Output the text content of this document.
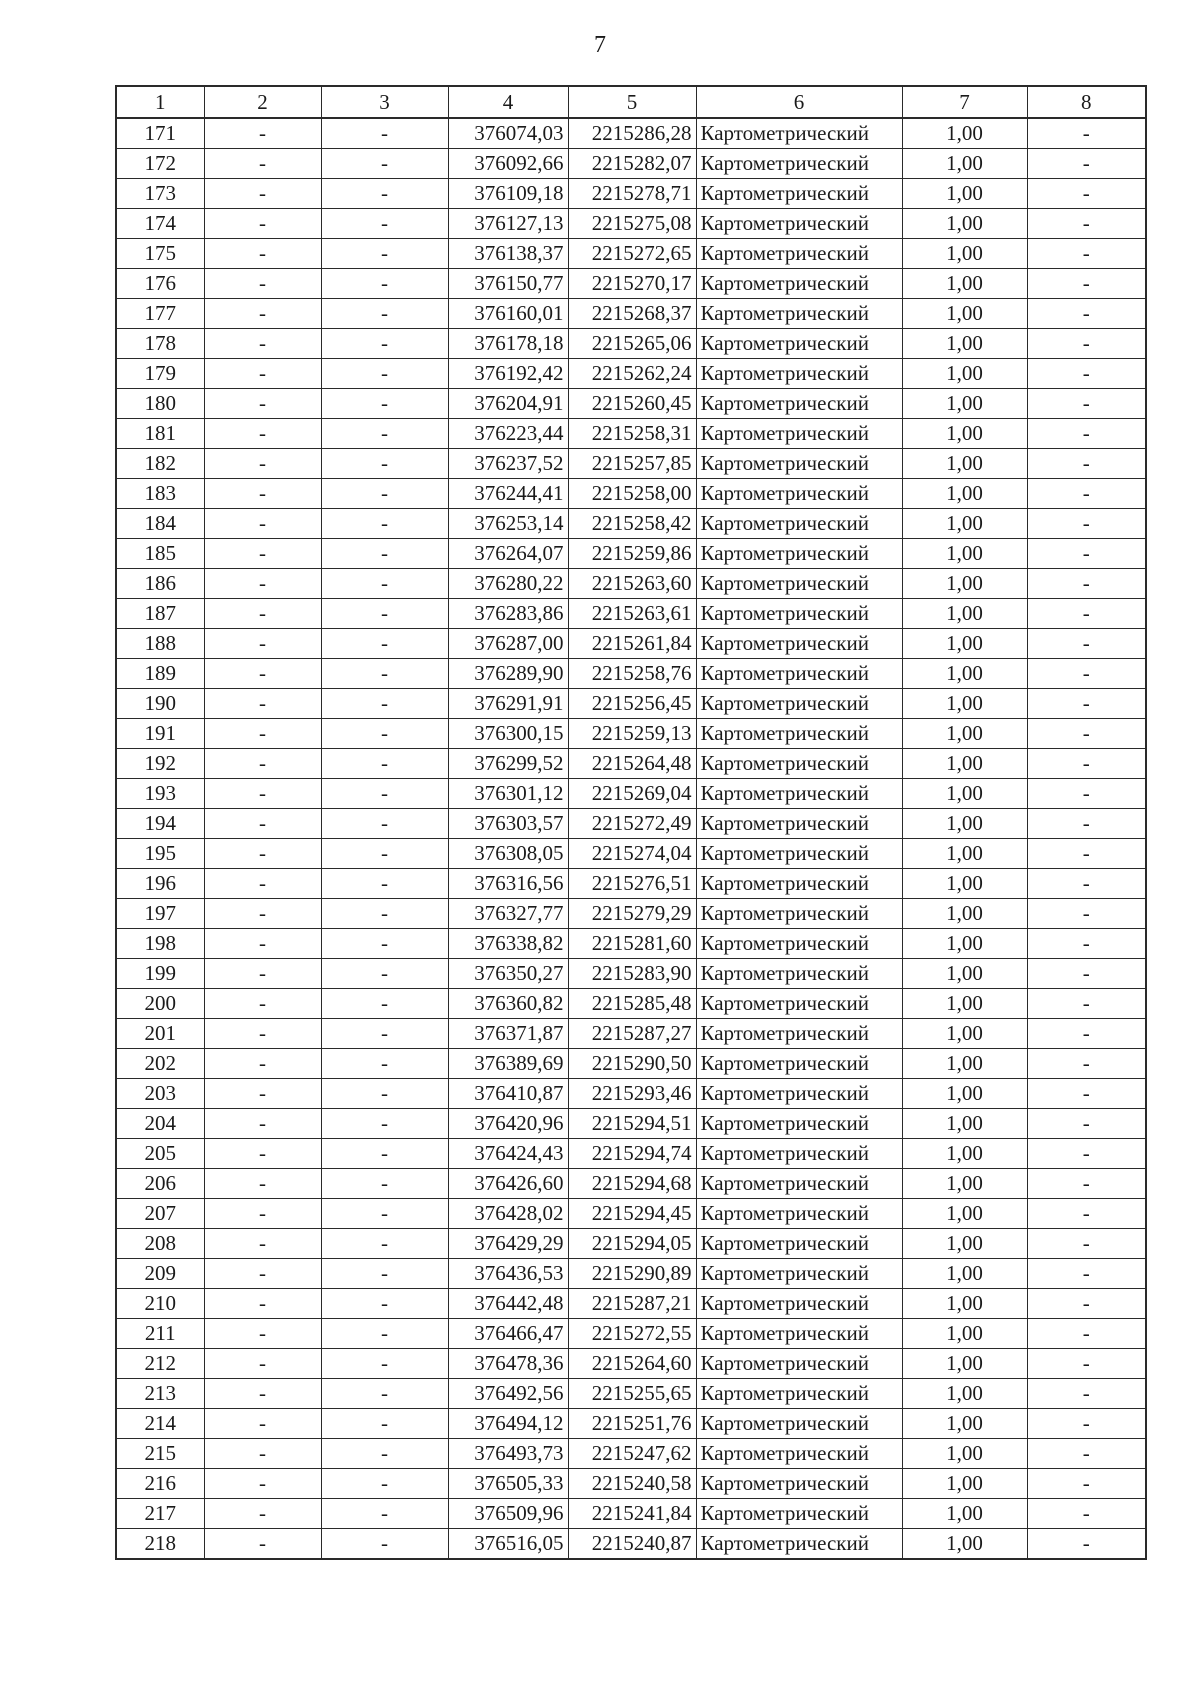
7
1	2	3	4	5	6	7	8
171	-	-	376074,03	2215286,28	Картометрический	1,00	-
172	-	-	376092,66	2215282,07	Картометрический	1,00	-
173	-	-	376109,18	2215278,71	Картометрический	1,00	-
174	-	-	376127,13	2215275,08	Картометрический	1,00	-
175	-	-	376138,37	2215272,65	Картометрический	1,00	-
176	-	-	376150,77	2215270,17	Картометрический	1,00	-
177	-	-	376160,01	2215268,37	Картометрический	1,00	-
178	-	-	376178,18	2215265,06	Картометрический	1,00	-
179	-	-	376192,42	2215262,24	Картометрический	1,00	-
180	-	-	376204,91	2215260,45	Картометрический	1,00	-
181	-	-	376223,44	2215258,31	Картометрический	1,00	-
182	-	-	376237,52	2215257,85	Картометрический	1,00	-
183	-	-	376244,41	2215258,00	Картометрический	1,00	-
184	-	-	376253,14	2215258,42	Картометрический	1,00	-
185	-	-	376264,07	2215259,86	Картометрический	1,00	-
186	-	-	376280,22	2215263,60	Картометрический	1,00	-
187	-	-	376283,86	2215263,61	Картометрический	1,00	-
188	-	-	376287,00	2215261,84	Картометрический	1,00	-
189	-	-	376289,90	2215258,76	Картометрический	1,00	-
190	-	-	376291,91	2215256,45	Картометрический	1,00	-
191	-	-	376300,15	2215259,13	Картометрический	1,00	-
192	-	-	376299,52	2215264,48	Картометрический	1,00	-
193	-	-	376301,12	2215269,04	Картометрический	1,00	-
194	-	-	376303,57	2215272,49	Картометрический	1,00	-
195	-	-	376308,05	2215274,04	Картометрический	1,00	-
196	-	-	376316,56	2215276,51	Картометрический	1,00	-
197	-	-	376327,77	2215279,29	Картометрический	1,00	-
198	-	-	376338,82	2215281,60	Картометрический	1,00	-
199	-	-	376350,27	2215283,90	Картометрический	1,00	-
200	-	-	376360,82	2215285,48	Картометрический	1,00	-
201	-	-	376371,87	2215287,27	Картометрический	1,00	-
202	-	-	376389,69	2215290,50	Картометрический	1,00	-
203	-	-	376410,87	2215293,46	Картометрический	1,00	-
204	-	-	376420,96	2215294,51	Картометрический	1,00	-
205	-	-	376424,43	2215294,74	Картометрический	1,00	-
206	-	-	376426,60	2215294,68	Картометрический	1,00	-
207	-	-	376428,02	2215294,45	Картометрический	1,00	-
208	-	-	376429,29	2215294,05	Картометрический	1,00	-
209	-	-	376436,53	2215290,89	Картометрический	1,00	-
210	-	-	376442,48	2215287,21	Картометрический	1,00	-
211	-	-	376466,47	2215272,55	Картометрический	1,00	-
212	-	-	376478,36	2215264,60	Картометрический	1,00	-
213	-	-	376492,56	2215255,65	Картометрический	1,00	-
214	-	-	376494,12	2215251,76	Картометрический	1,00	-
215	-	-	376493,73	2215247,62	Картометрический	1,00	-
216	-	-	376505,33	2215240,58	Картометрический	1,00	-
217	-	-	376509,96	2215241,84	Картометрический	1,00	-
218	-	-	376516,05	2215240,87	Картометрический	1,00	-
